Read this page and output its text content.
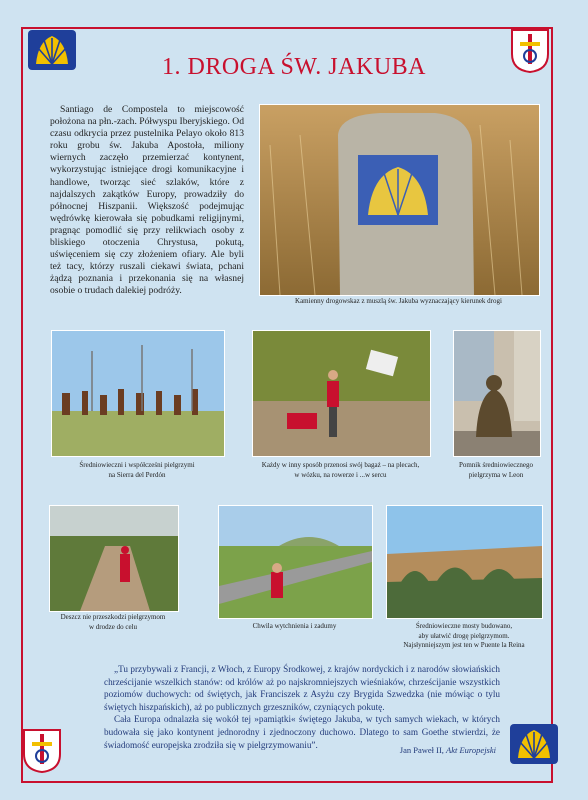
1. DROGA ŚW. JAKUBA

Santiago de Compostela to miejscowość położona na płn.-zach. Półwyspu Iberyjskiego. Od czasu odkrycia przez pustelnika Pelayo około 813 roku grobu św. Jakuba Apostoła, miliony wiernych zaczęło przemierzać kontynent, wykorzystując istniejące drogi komunikacyjne i handlowe, tworząc sieć szlaków, które z najdalszych zakątków Europy, prowadziły do północnej Hiszpanii. Większość podejmując wędrówkę kierowała się pobudkami religijnymi, pragnąc pomodlić się przy relikwiach osoby z bliskiego otoczenia Chrystusa, pokutą, uświęceniem się czy złożeniem ofiary. Ale byli też tacy, którzy ruszali ciekawi świata, pchani żądzą poznania i przekonania się na własnej osobie o trudach dalekiej podróży.

Kamienny drogowskaz z muszlą św. Jakuba wyznaczający kierunek drogi
Średniowieczni i współcześni pielgrzymi
na Sierra del Perdón
Każdy w inny sposób przenosi swój bagaż – na plecach,
w wózku, na rowerze i ...w sercu
Pomnik średniowiecznego
pielgrzyma w Leon
Deszcz nie przeszkodzi pielgrzymom
w drodze do celu	Chwila wytchnienia i zadumy	Średniowieczne mosty budowano,
aby ułatwić drogę pielgrzymom.
Najsłynniejszym jest ten w Puente la Reina

„Tu przybywali z Francji, z Włoch, z Europy Środkowej, z krajów nordyckich i z narodów słowiańskich chrześcijanie wszelkich stanów: od królów aż po najskromniejszych wieśniaków, chrześcijanie wszystkich poziomów duchowych: od świętych, jak Franciszek z Asyżu czy Brygida Szwedzka (nie mówiąc o tylu świętych hiszpańskich), aż po publicznych grzeszników, czyniących pokutę.

Cała Europa odnalazła się wokół tej »pamiątki« świętego Jakuba, w tych samych wiekach, w których budowała się jako kontynent jednorodny i zjednoczony duchowo. Dlatego to sam Goethe stwierdzi, że świadomość europejska zrodziła się w pielgrzymowaniu”.

Jan Paweł II, Akt Europejski
